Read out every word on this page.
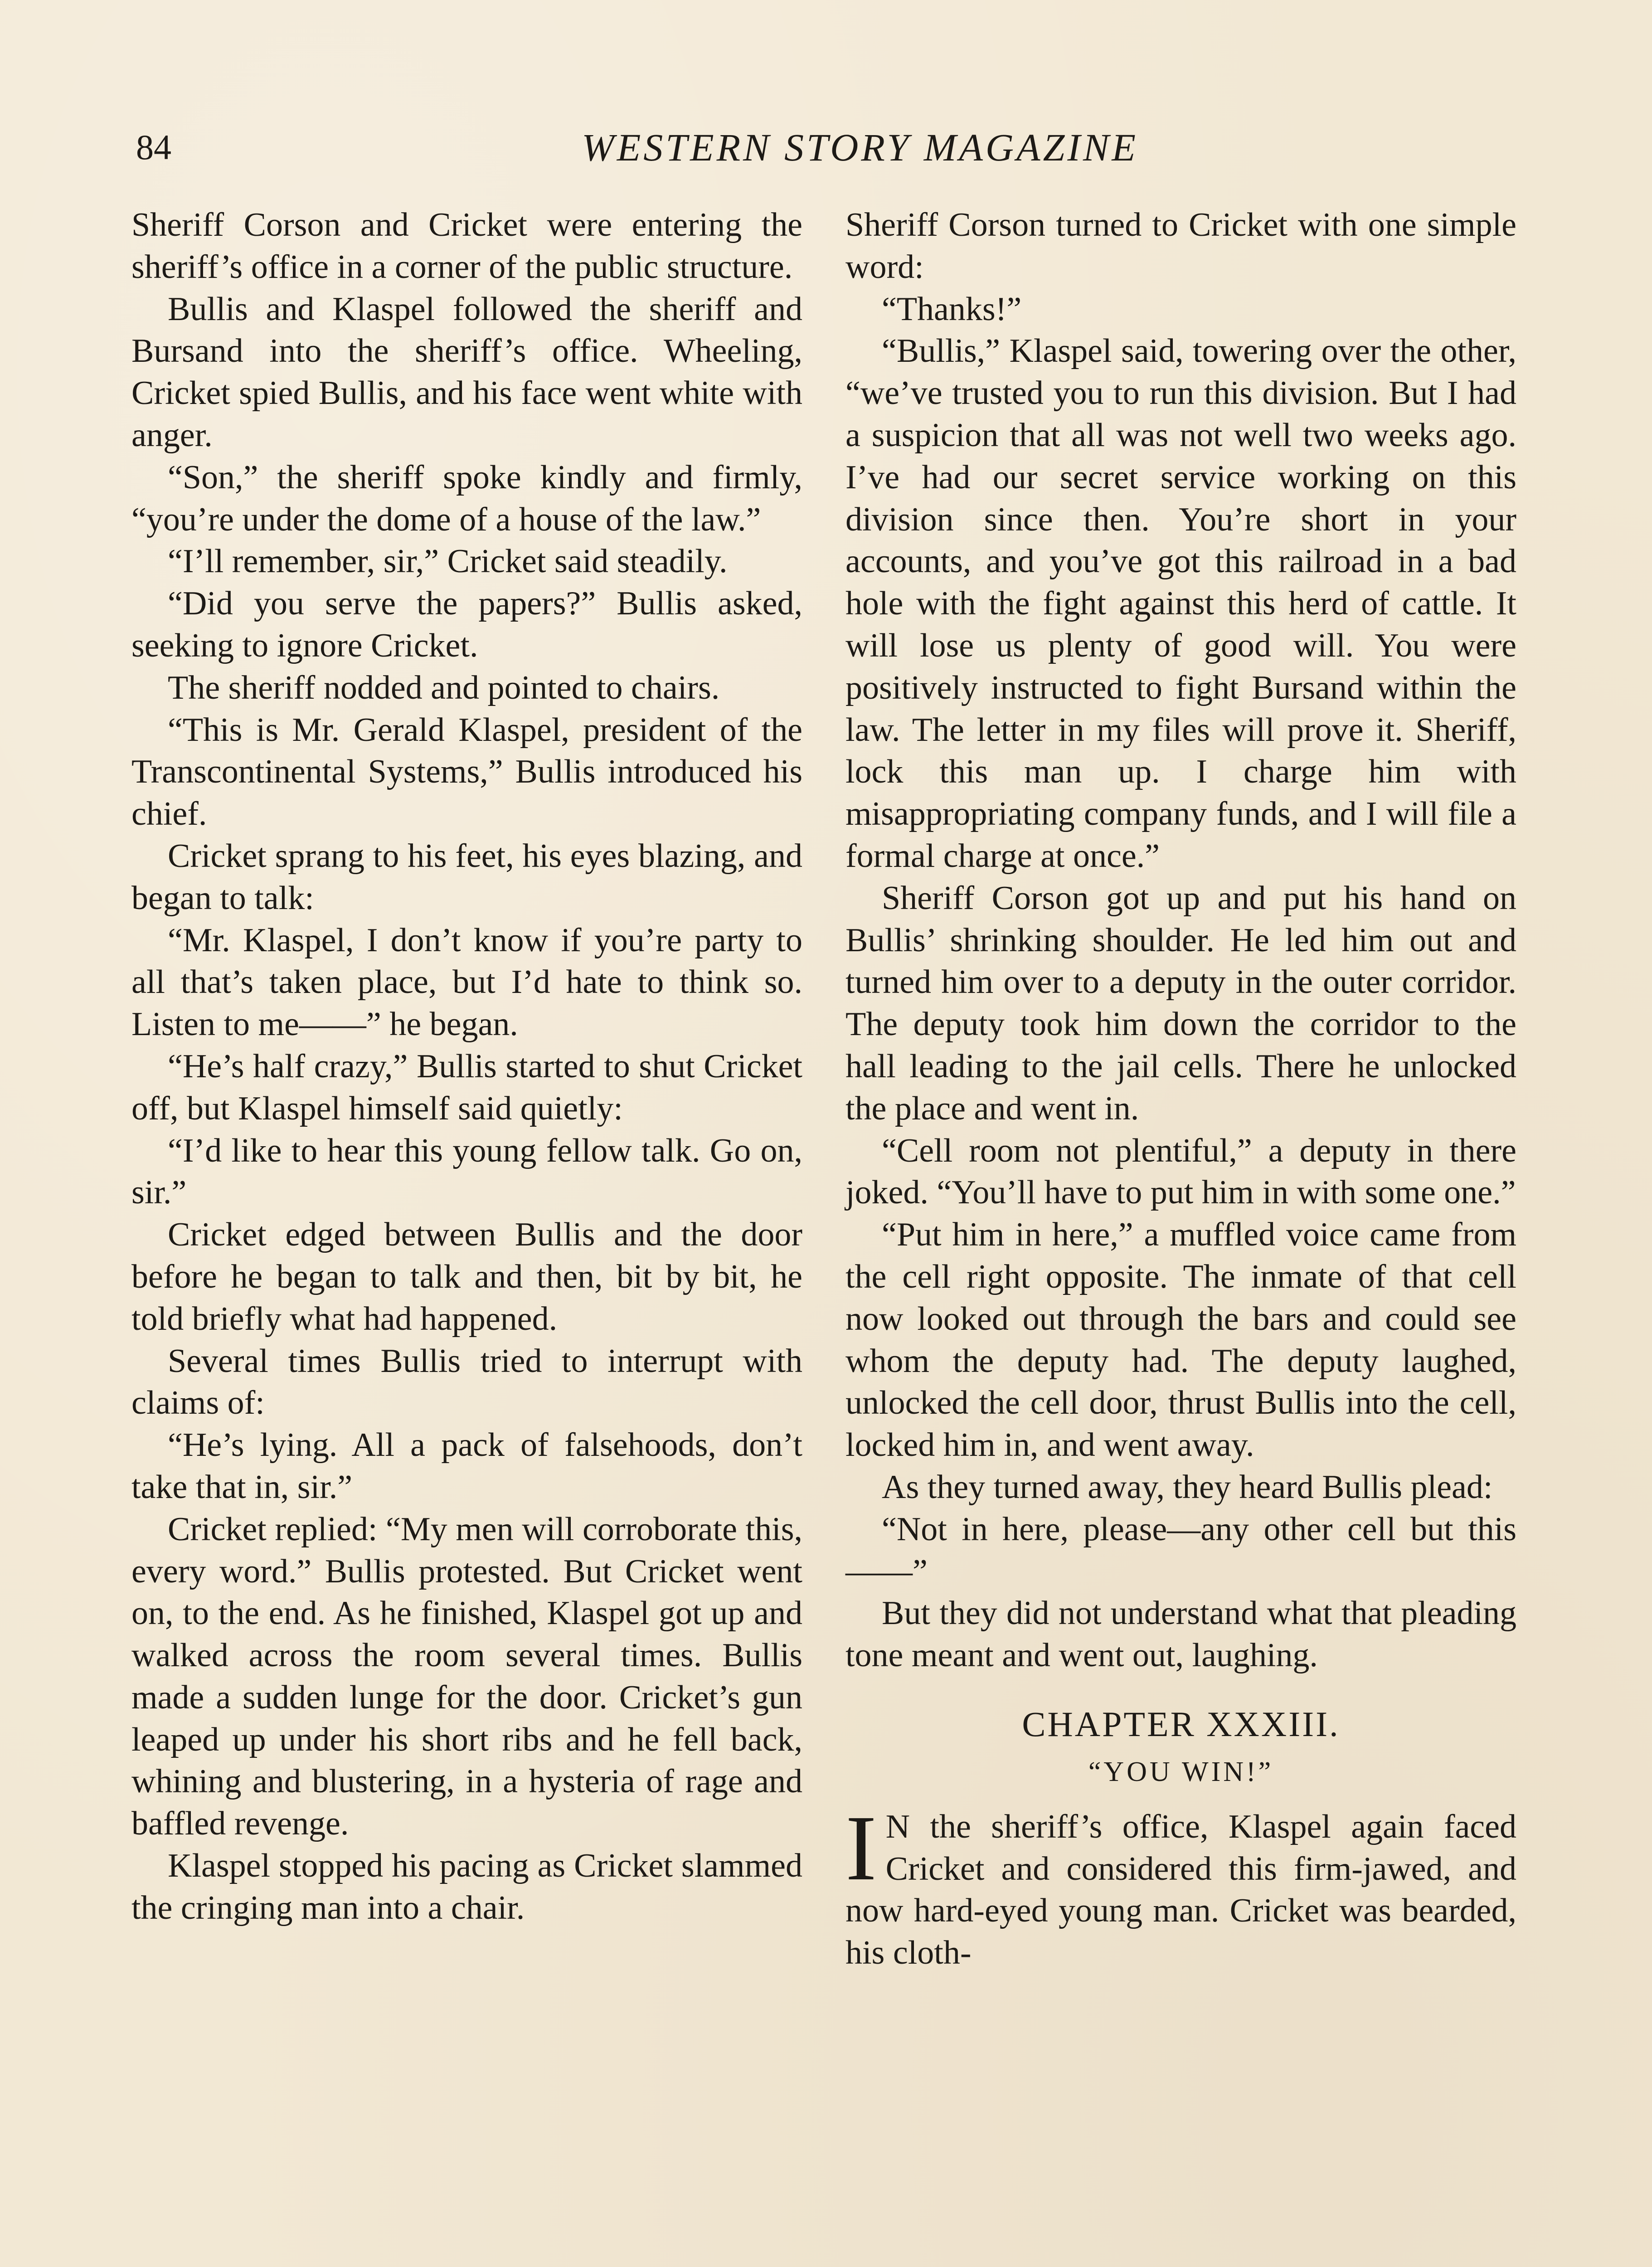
84	WESTERN STORY MAGAZINE

Sheriff Corson and Cricket were entering the sheriff’s office in a corner of the public structure.

Bullis and Klaspel followed the sheriff and Bursand into the sheriff’s office. Wheeling, Cricket spied Bullis, and his face went white with anger.

“Son,” the sheriff spoke kindly and firmly, “you’re under the dome of a house of the law.”

“I’ll remember, sir,” Cricket said steadily.

“Did you serve the papers?” Bullis asked, seeking to ignore Cricket.

The sheriff nodded and pointed to chairs.

“This is Mr. Gerald Klaspel, president of the Transcontinental Systems,” Bullis introduced his chief.

Cricket sprang to his feet, his eyes blazing, and began to talk:

“Mr. Klaspel, I don’t know if you’re party to all that’s taken place, but I’d hate to think so. Listen to me——” he began.

“He’s half crazy,” Bullis started to shut Cricket off, but Klaspel himself said quietly:

“I’d like to hear this young fellow talk. Go on, sir.”

Cricket edged between Bullis and the door before he began to talk and then, bit by bit, he told briefly what had happened.

Several times Bullis tried to interrupt with claims of:

“He’s lying. All a pack of falsehoods, don’t take that in, sir.”

Cricket replied: “My men will corroborate this, every word.” Bullis protested. But Cricket went on, to the end. As he finished, Klaspel got up and walked across the room several times. Bullis made a sudden lunge for the door. Cricket’s gun leaped up under his short ribs and he fell back, whining and blustering, in a hysteria of rage and baffled revenge.

Klaspel stopped his pacing as Cricket slammed the cringing man into a chair.

Sheriff Corson turned to Cricket with one simple word:

“Thanks!”

“Bullis,” Klaspel said, towering over the other, “we’ve trusted you to run this division. But I had a suspicion that all was not well two weeks ago. I’ve had our secret service working on this division since then. You’re short in your accounts, and you’ve got this railroad in a bad hole with the fight against this herd of cattle. It will lose us plenty of good will. You were positively instructed to fight Bursand within the law. The letter in my files will prove it. Sheriff, lock this man up. I charge him with misappropriating company funds, and I will file a formal charge at once.”

Sheriff Corson got up and put his hand on Bullis’ shrinking shoulder. He led him out and turned him over to a deputy in the outer corridor. The deputy took him down the corridor to the hall leading to the jail cells. There he unlocked the place and went in.

“Cell room not plentiful,” a deputy in there joked. “You’ll have to put him in with some one.”

“Put him in here,” a muffled voice came from the cell right opposite. The inmate of that cell now looked out through the bars and could see whom the deputy had. The deputy laughed, unlocked the cell door, thrust Bullis into the cell, locked him in, and went away.

As they turned away, they heard Bullis plead:

“Not in here, please—any other cell but this——”

But they did not understand what that pleading tone meant and went out, laughing.

CHAPTER XXXIII.
“YOU WIN!”

I N the sheriff’s office, Klaspel again faced Cricket and considered this firm-jawed, and now hard-eyed young man. Cricket was bearded, his cloth-
